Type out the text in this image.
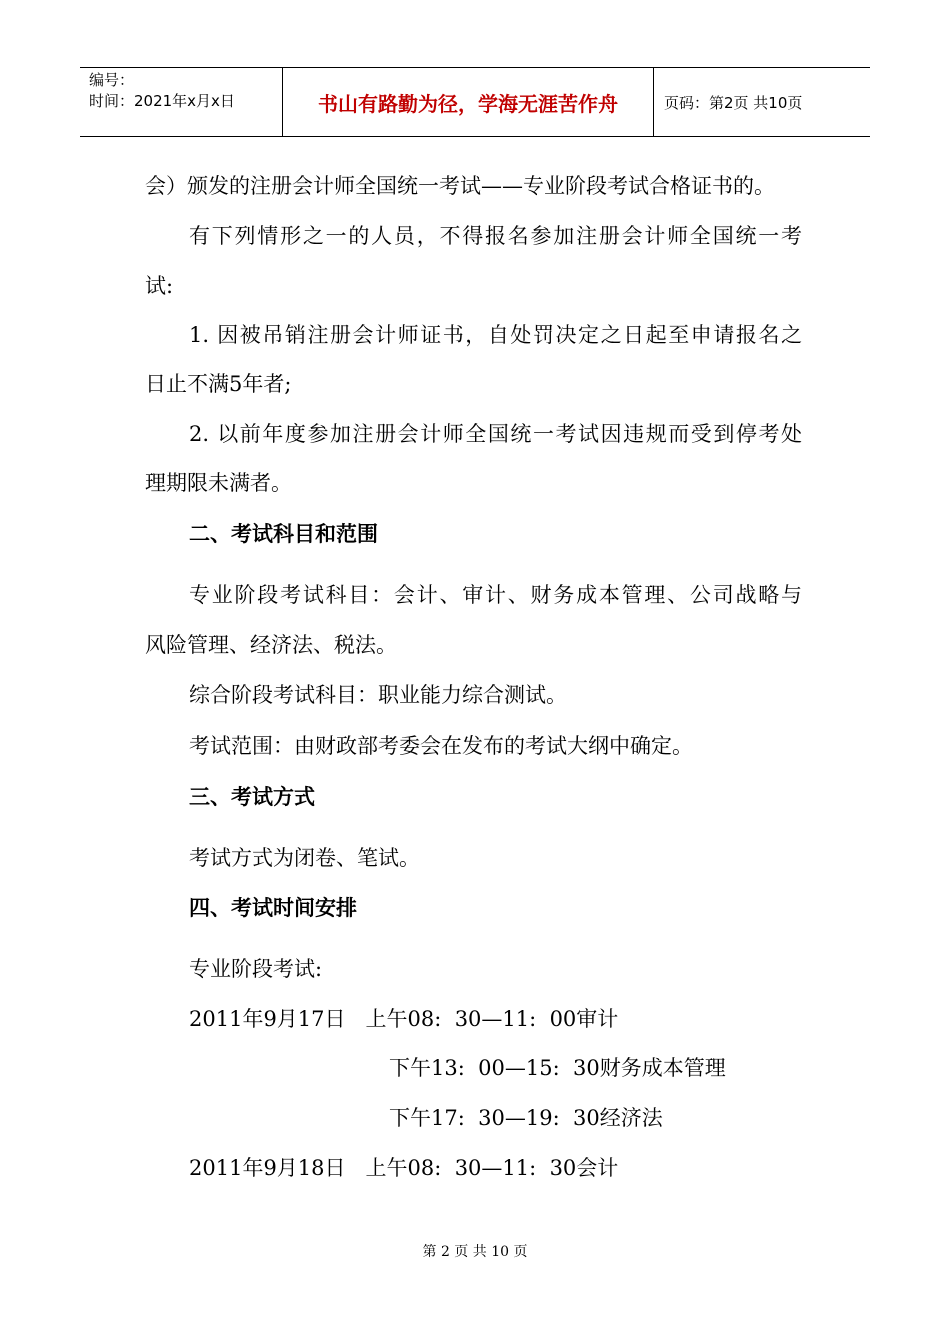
编号：
时间：2021年x月x日	书山有路勤为径，学海无涯苦作舟	页码：第2页 共10页
会）颁发的注册会计师全国统一考试——专业阶段考试合格证书的。
有下列情形之一的人员，不得报名参加注册会计师全国统一考
试:
1. 因被吊销注册会计师证书，自处罚决定之日起至申请报名之
日止不满5年者;
2. 以前年度参加注册会计师全国统一考试因违规而受到停考处
理期限未满者。
二、考试科目和范围
专业阶段考试科目：会计、审计、财务成本管理、公司战略与
风险管理、经济法、税法。
综合阶段考试科目：职业能力综合测试。
考试范围：由财政部考委会在发布的考试大纲中确定。
三、考试方式
考试方式为闭卷、笔试。
四、考试时间安排
专业阶段考试:
2011年9月17日   上午08:  30—11:  00审计
下午13:  00—15:  30财务成本管理
下午17:  30—19:  30经济法
2011年9月18日   上午08:  30—11:  30会计
第 2 页 共 10 页
